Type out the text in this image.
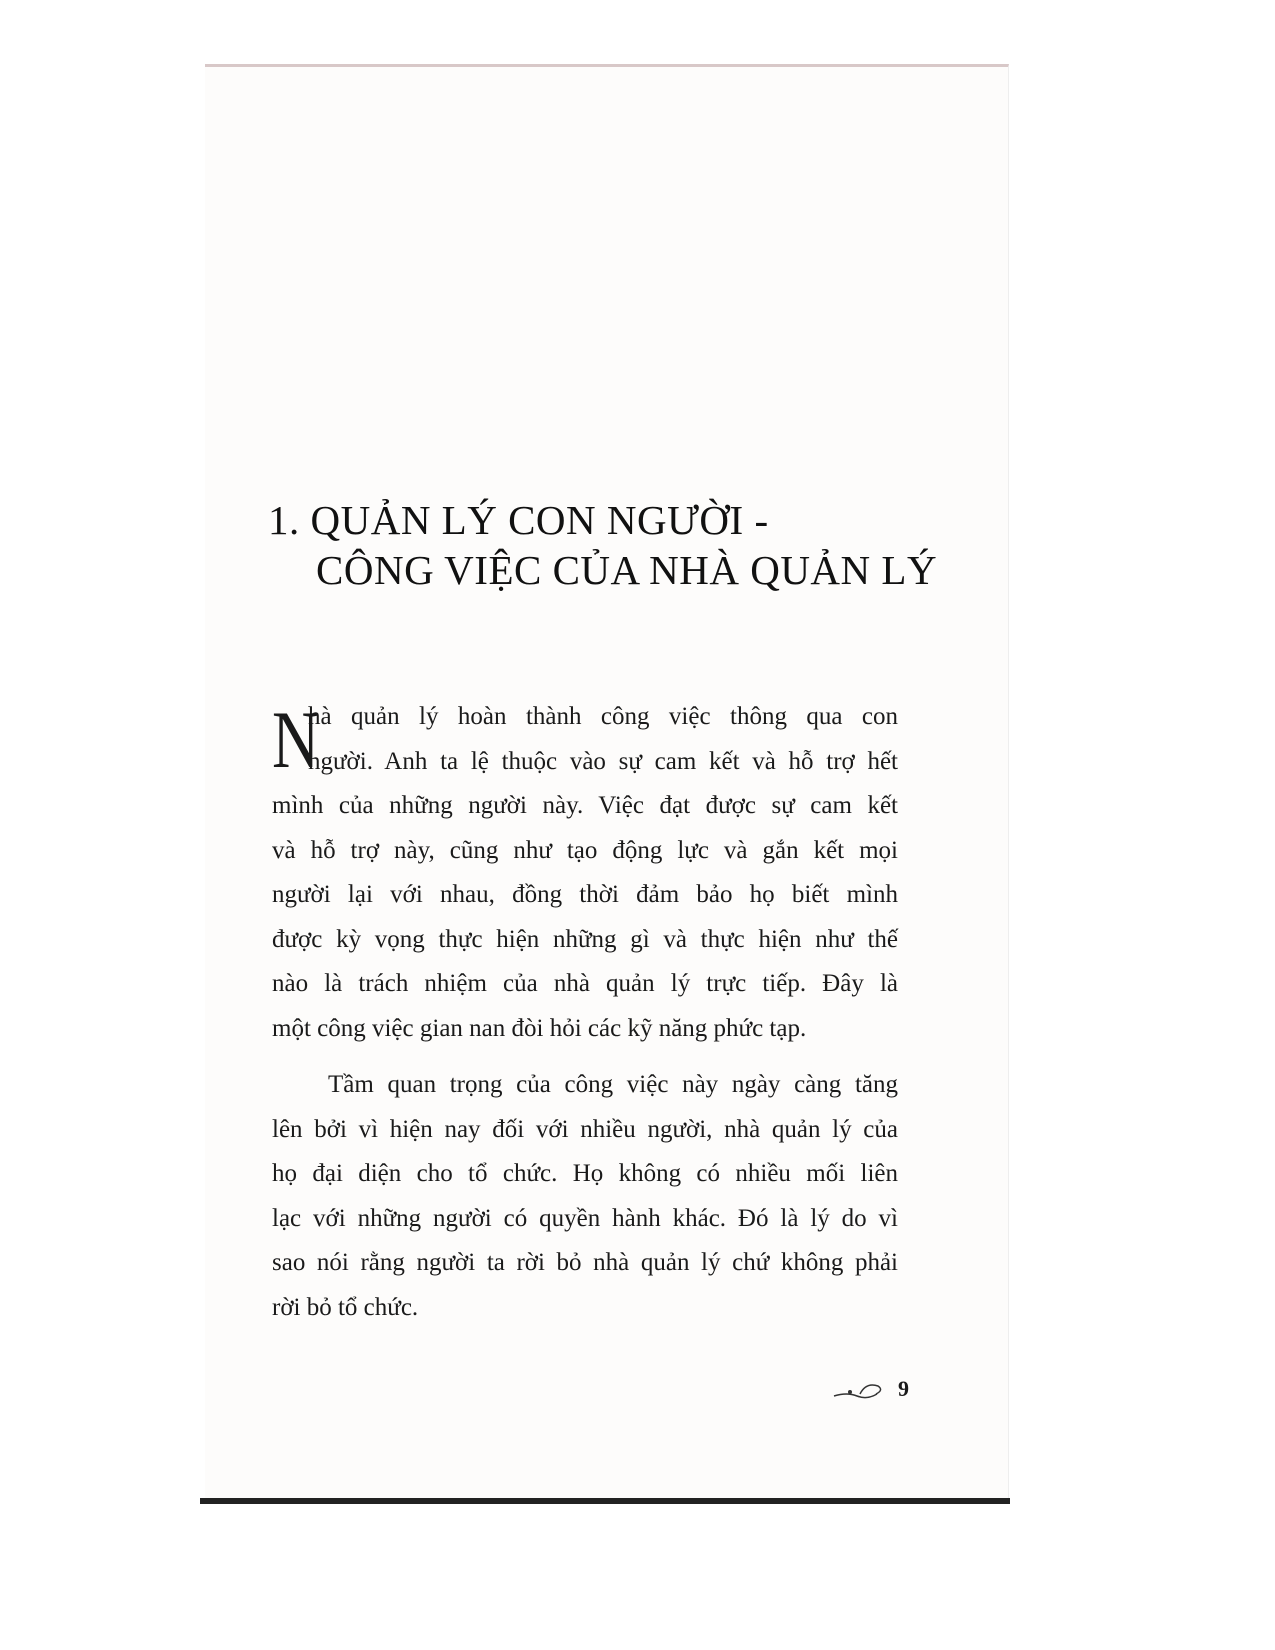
1. QUẢN LÝ CON NGƯỜI -
CÔNG VIỆC CỦA NHÀ QUẢN LÝ
N
hà quản lý hoàn thành công việc thông qua con
người. Anh ta lệ thuộc vào sự cam kết và hỗ trợ hết
mình của những người này. Việc đạt được sự cam kết
và hỗ trợ này, cũng như tạo động lực và gắn kết mọi
người lại với nhau, đồng thời đảm bảo họ biết mình
được kỳ vọng thực hiện những gì và thực hiện như thế
nào là trách nhiệm của nhà quản lý trực tiếp. Đây là
một công việc gian nan đòi hỏi các kỹ năng phức tạp.
Tầm quan trọng của công việc này ngày càng tăng
lên bởi vì hiện nay đối với nhiều người, nhà quản lý của
họ đại diện cho tổ chức. Họ không có nhiều mối liên
lạc với những người có quyền hành khác. Đó là lý do vì
sao nói rằng người ta rời bỏ nhà quản lý chứ không phải
rời bỏ tổ chức.
9
